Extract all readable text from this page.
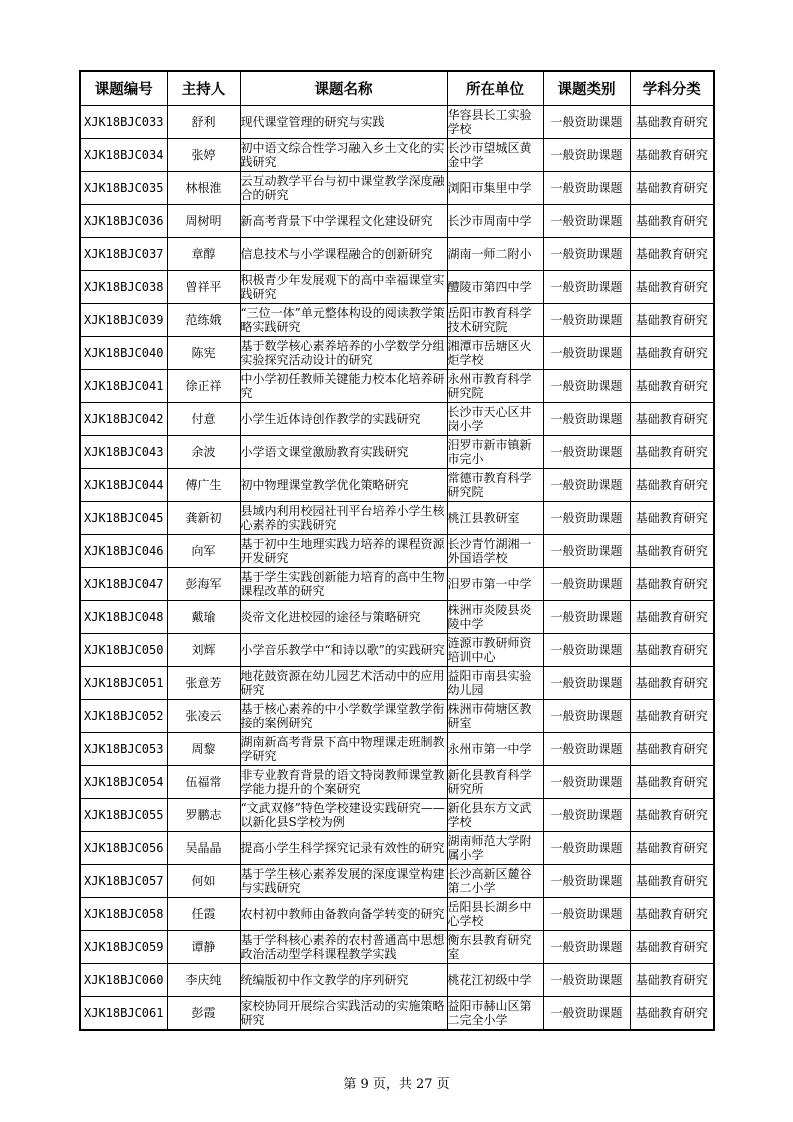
课题编号	主持人	课题名称	所在单位	课题类别	学科分类
XJK18BJC033	舒利	现代课堂管理的研究与实践	华容县长工实验学校	一般资助课题	基础教育研究
XJK18BJC034	张婷	初中语文综合性学习融入乡土文化的实践研究	长沙市望城区黄金中学	一般资助课题	基础教育研究
XJK18BJC035	林根淮	云互动教学平台与初中课堂教学深度融合的研究	浏阳市集里中学	一般资助课题	基础教育研究
XJK18BJC036	周树明	新高考背景下中学课程文化建设研究	长沙市周南中学	一般资助课题	基础教育研究
XJK18BJC037	章醇	信息技术与小学课程融合的创新研究	湖南一师二附小	一般资助课题	基础教育研究
XJK18BJC038	曾祥平	积极青少年发展观下的高中幸福课堂实践研究	醴陵市第四中学	一般资助课题	基础教育研究
XJK18BJC039	范练娥	“三位一体”单元整体构设的阅读教学策略实践研究	岳阳市教育科学技术研究院	一般资助课题	基础教育研究
XJK18BJC040	陈宪	基于数学核心素养培养的小学数学分组实验探究活动设计的研究	湘潭市岳塘区火炬学校	一般资助课题	基础教育研究
XJK18BJC041	徐正祥	中小学初任教师关键能力校本化培养研究	永州市教育科学研究院	一般资助课题	基础教育研究
XJK18BJC042	付意	小学生近体诗创作教学的实践研究	长沙市天心区井岗小学	一般资助课题	基础教育研究
XJK18BJC043	余波	小学语文课堂激励教育实践研究	汨罗市新市镇新市完小	一般资助课题	基础教育研究
XJK18BJC044	傅广生	初中物理课堂教学优化策略研究	常德市教育科学研究院	一般资助课题	基础教育研究
XJK18BJC045	龚新初	县域内利用校园社刊平台培养小学生核心素养的实践研究	桃江县教研室	一般资助课题	基础教育研究
XJK18BJC046	向军	基于初中生地理实践力培养的课程资源开发研究	长沙青竹湖湘一外国语学校	一般资助课题	基础教育研究
XJK18BJC047	彭海军	基于学生实践创新能力培育的高中生物课程改革的研究	汨罗市第一中学	一般资助课题	基础教育研究
XJK18BJC048	戴瑜	炎帝文化进校园的途径与策略研究	株洲市炎陵县炎陵中学	一般资助课题	基础教育研究
XJK18BJC050	刘辉	小学音乐教学中“和诗以歌”的实践研究	涟源市教研师资培训中心	一般资助课题	基础教育研究
XJK18BJC051	张意芳	地花鼓资源在幼儿园艺术活动中的应用研究	益阳市南县实验幼儿园	一般资助课题	基础教育研究
XJK18BJC052	张凌云	基于核心素养的中小学数学课堂教学衔接的案例研究	株洲市荷塘区教研室	一般资助课题	基础教育研究
XJK18BJC053	周黎	湖南新高考背景下高中物理课走班制教学研究	永州市第一中学	一般资助课题	基础教育研究
XJK18BJC054	伍福常	非专业教育背景的语文特岗教师课堂教学能力提升的个案研究	新化县教育科学研究所	一般资助课题	基础教育研究
XJK18BJC055	罗鹏志	“文武双修”特色学校建设实践研究——以新化县S学校为例	新化县东方文武学校	一般资助课题	基础教育研究
XJK18BJC056	吴晶晶	提高小学生科学探究记录有效性的研究	湖南师范大学附属小学	一般资助课题	基础教育研究
XJK18BJC057	何如	基于学生核心素养发展的深度课堂构建与实践研究	长沙高新区麓谷第二小学	一般资助课题	基础教育研究
XJK18BJC058	任霞	农村初中教师由备教向备学转变的研究	岳阳县长湖乡中心学校	一般资助课题	基础教育研究
XJK18BJC059	谭静	基于学科核心素养的农村普通高中思想政治活动型学科课程教学实践	衡东县教育研究室	一般资助课题	基础教育研究
XJK18BJC060	李庆纯	统编版初中作文教学的序列研究	桃花江初级中学	一般资助课题	基础教育研究
XJK18BJC061	彭霞	家校协同开展综合实践活动的实施策略研究	益阳市赫山区第二完全小学	一般资助课题	基础教育研究
第 9 页，共 27 页
